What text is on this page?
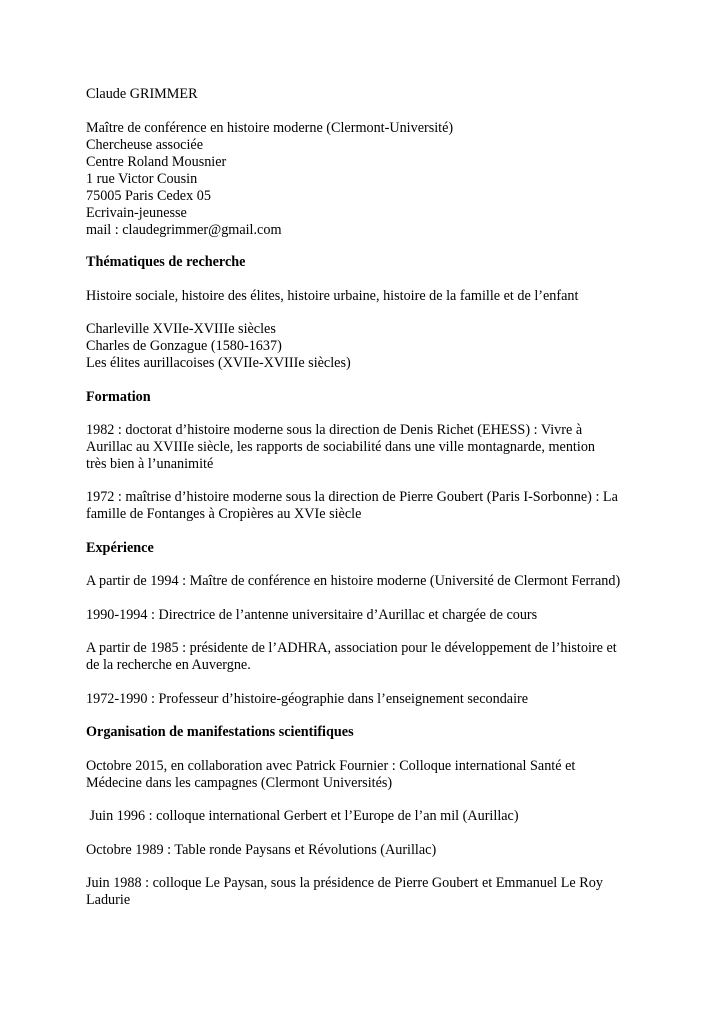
Claude GRIMMER

Maître de conférence en histoire moderne (Clermont-Université)
Chercheuse associée
Centre Roland Mousnier
1 rue Victor Cousin
75005 Paris Cedex 05
Ecrivain-jeunesse
mail : claudegrimmer@gmail.com

Thématiques de recherche

Histoire sociale, histoire des élites, histoire urbaine, histoire de la famille et de l’enfant

Charleville XVIIe-XVIIIe siècles
Charles de Gonzague (1580-1637)
Les élites aurillacoises (XVIIe-XVIIIe siècles)

Formation

1982 : doctorat d’histoire moderne sous la direction de Denis Richet (EHESS) : Vivre à
Aurillac au XVIIIe siècle, les rapports de sociabilité dans une ville montagnarde, mention
très bien à l’unanimité

1972 : maîtrise d’histoire moderne sous la direction de Pierre Goubert (Paris I-Sorbonne) : La
famille de Fontanges à Cropières au XVIe siècle

Expérience

A partir de 1994 : Maître de conférence en histoire moderne (Université de Clermont Ferrand)

1990-1994 : Directrice de l’antenne universitaire d’Aurillac et chargée de cours

A partir de 1985 : présidente de l’ADHRA, association pour le développement de l’histoire et
de la recherche en Auvergne.

1972-1990 : Professeur d’histoire-géographie dans l’enseignement secondaire

Organisation de manifestations scientifiques

Octobre 2015, en collaboration avec Patrick Fournier : Colloque international Santé et
Médecine dans les campagnes (Clermont Universités)

Juin 1996 : colloque international Gerbert et l’Europe de l’an mil (Aurillac)

Octobre 1989 : Table ronde Paysans et Révolutions (Aurillac)

Juin 1988 : colloque Le Paysan, sous la présidence de Pierre Goubert et Emmanuel Le Roy
Ladurie
